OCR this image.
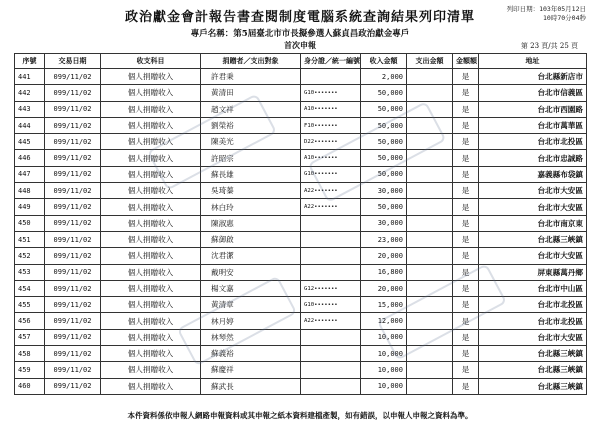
政治獻金會計報告書查閱制度電腦系統查詢結果列印清單
列印日期：103年05月12日
10時70分04秒
專戶名稱：第5屆臺北市市長擬參選人蘇貞昌政治獻金專戶
首次申報	第 23 頁/共 25 頁
序號	交易日期	收支科目	捐贈者／支出對象	身分證／統一編號	收入金額	支出金額	金額額	地址
441	099/11/02	個人捐贈收入	許君秉		2,000		是	台北縣新店市
442	099/11/02	個人捐贈收入	黃清田	G10•••••••	50,000		是	台北市信義區
443	099/11/02	個人捐贈收入	趙文祥	A10•••••••	50,000		是	台北市西園路
444	099/11/02	個人捐贈收入	劉榮裕	F10•••••••	50,000		是	台北市萬華區
445	099/11/02	個人捐贈收入	陳美光	D22•••••••	50,000		是	台北市北投區
446	099/11/02	個人捐贈收入	許昭宗	A10•••••••	50,000		是	台北市忠誠路
447	099/11/02	個人捐贈收入	蘇長雄	G10•••••••	50,000		是	嘉義縣布袋鎮
448	099/11/02	個人捐贈收入	吳琦蓁	A22•••••••	30,000		是	台北市大安區
449	099/11/02	個人捐贈收入	林白玲	A22•••••••	50,000		是	台北市大安區
450	099/11/02	個人捐贈收入	陳淑惠		30,000		是	台北市南京東
451	099/11/02	個人捐贈收入	蘇御啟		23,000		是	台北縣三峽鎮
452	099/11/02	個人捐贈收入	沈君潔		20,000		是	台北市大安區
453	099/11/02	個人捐贈收入	戴明安		16,800		是	屏東縣萬丹鄉
454	099/11/02	個人捐贈收入	楊文嘉	G12•••••••	20,000		是	台北市中山區
455	099/11/02	個人捐贈收入	黃清章	G10•••••••	15,000		是	台北市北投區
456	099/11/02	個人捐贈收入	林月婷	A22•••••••	12,000		是	台北市北投區
457	099/11/02	個人捐贈收入	林琴然		10,000		是	台北市大安區
458	099/11/02	個人捐贈收入	蘇義裕		10,000		是	台北縣三峽鎮
459	099/11/02	個人捐贈收入	蘇慶祥		10,000		是	台北縣三峽鎮
460	099/11/02	個人捐贈收入	蘇武長		10,000		是	台北縣三峽鎮
本件資料係依申報人網路申報資料或其申報之紙本資料建檔產製，如有錯誤，以申報人申報之資料為準。
